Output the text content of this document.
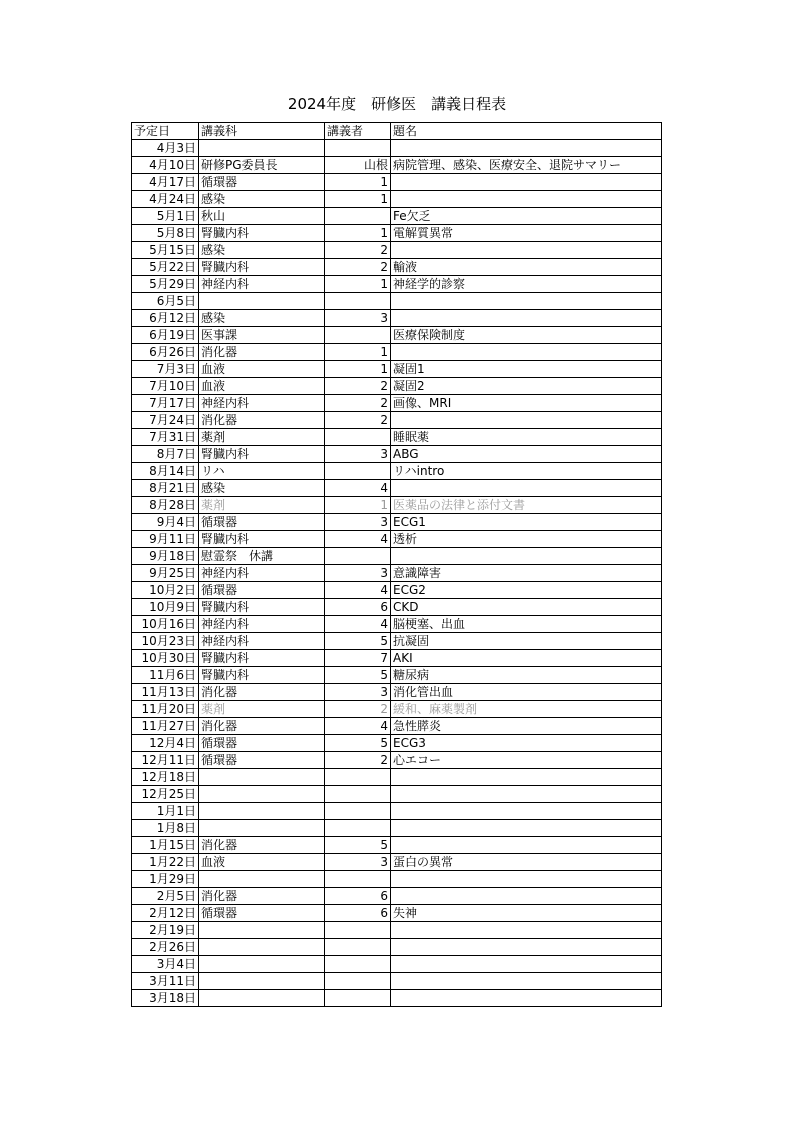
2024年度　研修医　講義日程表
予定日	講義科	講義者	題名
4月3日			
4月10日	研修PG委員長	山根	病院管理、感染、医療安全、退院サマリー
4月17日	循環器	1	
4月24日	感染	1	
5月1日	秋山		Fe欠乏
5月8日	腎臓内科	1	電解質異常
5月15日	感染	2	
5月22日	腎臓内科	2	輸液
5月29日	神経内科	1	神経学的診察
6月5日			
6月12日	感染	3	
6月19日	医事課		医療保険制度
6月26日	消化器	1	
7月3日	血液	1	凝固1
7月10日	血液	2	凝固2
7月17日	神経内科	2	画像、MRI
7月24日	消化器	2	
7月31日	薬剤		睡眠薬
8月7日	腎臓内科	3	ABG
8月14日	リハ		リハintro
8月21日	感染	4	
8月28日	薬剤	1	医薬品の法律と添付文書
9月4日	循環器	3	ECG1
9月11日	腎臓内科	4	透析
9月18日	慰霊祭　休講		
9月25日	神経内科	3	意識障害
10月2日	循環器	4	ECG2
10月9日	腎臓内科	6	CKD
10月16日	神経内科	4	脳梗塞、出血
10月23日	神経内科	5	抗凝固
10月30日	腎臓内科	7	AKI
11月6日	腎臓内科	5	糖尿病
11月13日	消化器	3	消化管出血
11月20日	薬剤	2	緩和、麻薬製剤
11月27日	消化器	4	急性膵炎
12月4日	循環器	5	ECG3
12月11日	循環器	2	心エコー
12月18日			
12月25日			
1月1日			
1月8日			
1月15日	消化器	5	
1月22日	血液	3	蛋白の異常
1月29日			
2月5日	消化器	6	
2月12日	循環器	6	失神
2月19日			
2月26日			
3月4日			
3月11日			
3月18日			
